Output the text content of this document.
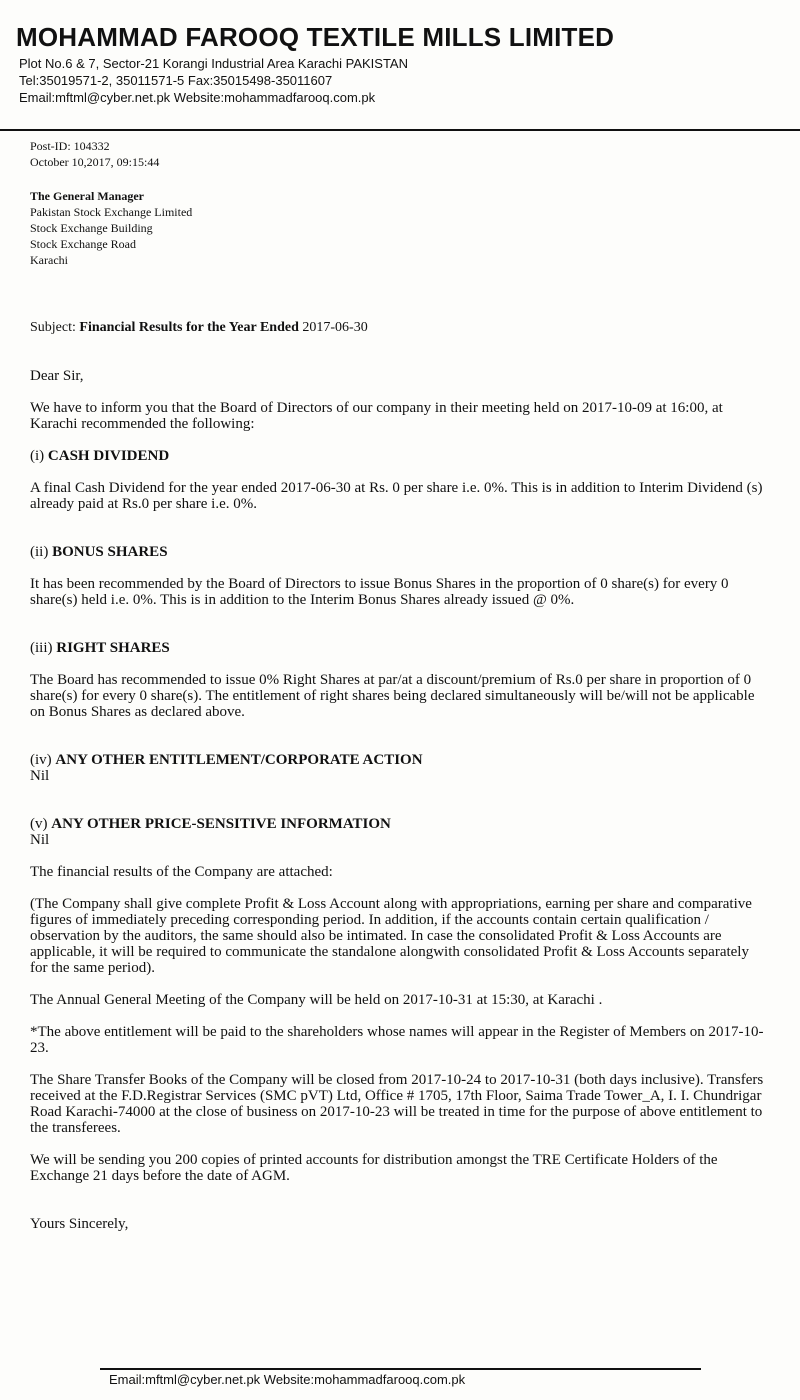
MOHAMMAD FAROOQ TEXTILE MILLS LIMITED
Plot No.6 & 7, Sector-21 Korangi Industrial Area Karachi PAKISTAN
Tel:35019571-2, 35011571-5 Fax:35015498-35011607
Email:mftml@cyber.net.pk Website:mohammadfarooq.com.pk
Post-ID: 104332
October 10,2017, 09:15:44
The General Manager
Pakistan Stock Exchange Limited
Stock Exchange Building
Stock Exchange Road
Karachi
Subject: Financial Results for the Year Ended 2017-06-30

Dear Sir,

We have to inform you that the Board of Directors of our company in their meeting held on 2017-10-09 at 16:00, at Karachi recommended the following:

(i) CASH DIVIDEND

A final Cash Dividend for the year ended 2017-06-30 at Rs. 0 per share i.e. 0%. This is in addition to Interim Dividend (s) already paid at Rs.0 per share i.e. 0%.

(ii) BONUS SHARES

It has been recommended by the Board of Directors to issue Bonus Shares in the proportion of 0 share(s) for every 0 share(s) held i.e. 0%. This is in addition to the Interim Bonus Shares already issued @ 0%.

(iii) RIGHT SHARES

The Board has recommended to issue 0% Right Shares at par/at a discount/premium of Rs.0 per share in proportion of 0 share(s) for every 0 share(s). The entitlement of right shares being declared simultaneously will be/will not be applicable on Bonus Shares as declared above.

(iv) ANY OTHER ENTITLEMENT/CORPORATE ACTION

Nil

(v) ANY OTHER PRICE-SENSITIVE INFORMATION

Nil

The financial results of the Company are attached:

(The Company shall give complete Profit & Loss Account along with appropriations, earning per share and comparative figures of immediately preceding corresponding period. In addition, if the accounts contain certain qualification / observation by the auditors, the same should also be intimated. In case the consolidated Profit & Loss Accounts are applicable, it will be required to communicate the standalone alongwith consolidated Profit & Loss Accounts separately for the same period).

The Annual General Meeting of the Company will be held on 2017-10-31 at 15:30, at Karachi .

*The above entitlement will be paid to the shareholders whose names will appear in the Register of Members on 2017-10-23.

The Share Transfer Books of the Company will be closed from 2017-10-24 to 2017-10-31 (both days inclusive). Transfers received at the F.D.Registrar Services (SMC pVT) Ltd, Office # 1705, 17th Floor, Saima Trade Tower_A, I. I. Chundrigar Road Karachi-74000 at the close of business on 2017-10-23 will be treated in time for the purpose of above entitlement to the transferees.

We will be sending you 200 copies of printed accounts for distribution amongst the TRE Certificate Holders of the Exchange 21 days before the date of AGM.

Yours Sincerely,

Email:mftml@cyber.net.pk Website:mohammadfarooq.com.pk
